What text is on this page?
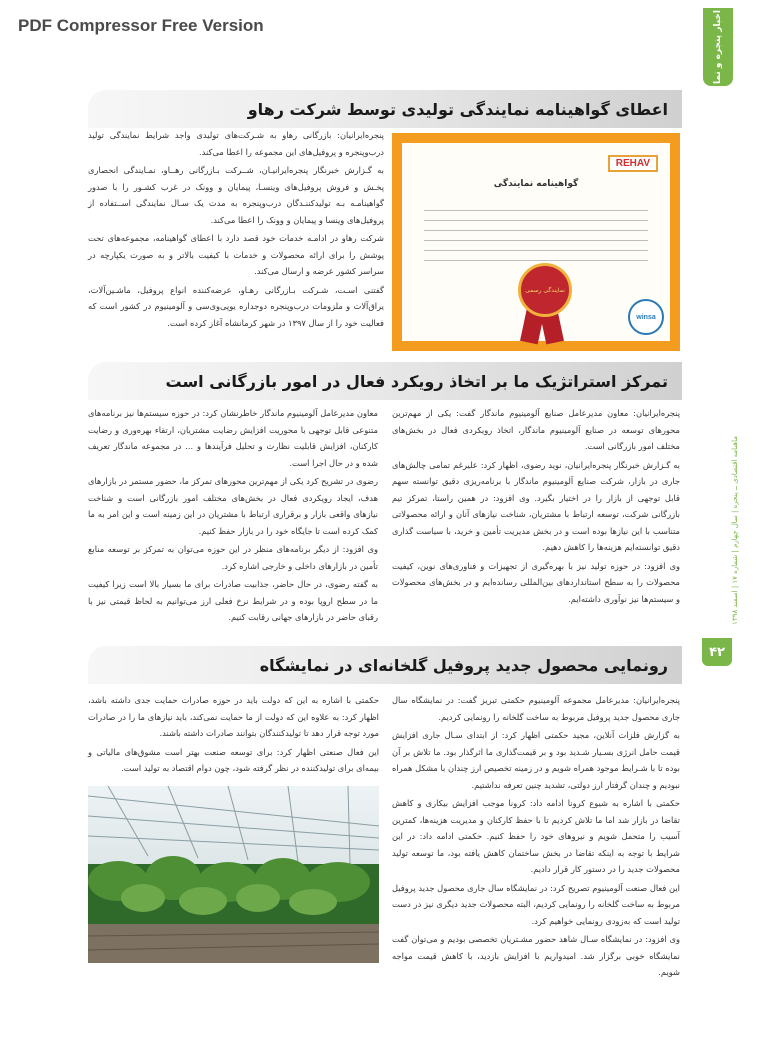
PDF Compressor Free Version	اخبار پنجره و نما
ماهنامه اقتصادی ــ پنجره | سال چهارم | شماره ۱۷ | اسفند ۱۳۹۸
۴۲
اعطای گواهینامه نمایندگی تولیدی توسط شرکت رهاو

پنجره‌ایرانیان: بازرگانی رهاو به شـرکت‌های تولیدی واجد شرایط نمایندگی تولید درب‌وپنجره و پروفیل‌های این مجموعه را اعطا می‌کند.

به گـزارش خبرنگار پنجره‌ایرانیـان، شــرکت بـازرگانی رهــاو، نمـایندگی انحصاری پخـش و فروش پروفیل‌های وینسـا، پیمایان و وونک در غرب کشـور را با صدور گواهینامـه بـه تولیدکننـدگان درب‌وپنجره به مدت یک سـال نمایندگی اســتفاده از پروفیل‌های وینسا و پیمایان و وونک را اعطا می‌کند.

شرکت رهاو در ادامـه خدمات خود قصد دارد با اعطای گواهینامه، مجموعه‌های تحت پوشش را برای ارائه محصولات و خدمات با کیفیت بالاتر و به صورت یکپارچه در سراسر کشور عرضه و ارسال می‌کند.

گفتنی اسـت، شـرکت بـازرگانی رهـاو، عرضه‌کننده انواع پروفیل، ماشـین‌آلات، یراق‌آلات و ملزومات درب‌وپنجره دوجداره یوپی‌وی‌سی و آلومینیوم در کشور است که فعالیت خود را از سال ۱۳۹۷ در شهر کرمانشاه آغاز کرده است.

REHAV
گواهینامه نمایندگی
نمایندگی رسمی
winsa
تمرکز استراتژیک ما بر اتخاذ رویکرد فعال در امور بازرگانی است

پنجره‌ایرانیان: معاون مدیرعامل صنایع آلومینیوم ماندگار گفت: یکی از مهم‌ترین محورهای توسعه در صنایع آلومینیوم ماندگار، اتخاذ رویکردی فعال در بخش‌های مختلف امور بازرگانی است.

به گـزارش خبرنگار پنجره‌ایرانیان، نوید رضوی، اظهار کرد: علیرغم تمامی چالش‌های جاری در بازار، شرکت صنایع آلومینیوم ماندگار با برنامه‌ریزی دقیق توانسته سهم قابل توجهی از بازار را در اختیار بگیرد. وی افزود: در همین راستا، تمرکز تیم بازرگانی شرکت، توسعه ارتباط با مشتریان، شناخت نیازهای آنان و ارائه محصولاتی متناسب با این نیازها بوده است و در بخش مدیریت تأمین و خرید، با سیاست گذاری دقیق توانسته‌ایم هزینه‌ها را کاهش دهیم.

وی افزود: در حوزه تولید نیز با بهره‌گیری از تجهیزات و فناوری‌های نوین، کیفیت محصولات را به سطح استانداردهای بین‌المللی رسانده‌ایم و در بخش‌های محصولات و سیستم‌ها نیز نوآوری داشته‌ایم.

معاون مدیرعامل آلومینیوم ماندگار خاطرنشان کرد: در حوزه سیستم‌ها نیز برنامه‌های متنوعی قابل توجهی با محوریت افزایش رضایت مشتریان، ارتقاء بهره‌وری و رضایت کارکنان، افزایش قابلیت نظارت و تحلیل فرآیندها و ... در مجموعه ماندگار تعریف شده و در حال اجرا است.

رضوی در تشریح کرد یکی از مهم‌ترین محورهای تمرکز ما، حضور مستمر در بازارهای هدف، ایجاد رویکردی فعال در بخش‌های مختلف امور بازرگانی است و شناخت نیازهای واقعی بازار و برقراری ارتباط با مشتریان در این زمینه است و این امر به ما کمک کرده است تا جایگاه خود را در بازار حفظ کنیم.

وی افزود: از دیگر برنامه‌های منظر در این حوزه می‌توان به تمرکز بر توسعه منابع تأمین در بازارهای داخلی و خارجی اشاره کرد.

به گفته رضوی، در حال حاضر، جذابیت صادرات برای ما بسیار بالا است زیرا کیفیت ما در سطح اروپا بوده و در شرایط نرخ فعلی ارز می‌توانیم به لحاظ قیمتی نیز با رقبای حاضر در بازارهای جهانی رقابت کنیم.

رونمایی محصول جدید پروفیل گلخانه‌ای در نمایشگاه

پنجره‌ایرانیان: مدیرعامل مجموعه آلومینیوم حکمتی تبریز گفت: در نمایشگاه سال جاری محصول جدید پروفیل مربوط به ساخت گلخانه را رونمایی کردیم.

به گزارش فلزات آنلاین، مجید حکمتی اظهار کرد: از ابتدای سـال جاری افزایش قیمت حامل انرژی بسـیار شـدید بود و بر قیمت‌گذاری ما اثرگذار بود. ما تلاش بر آن بوده تا با شـرایط موجود همراه شویم و در زمینه تخصیص ارز چندان با مشکل همراه نبودیم و چندان گرفتار ارز دولتی، تشدید چنین تعرفه نداشتیم.

حکمتی با اشاره به شیوع کرونا ادامه داد: کرونا موجب افزایش بیکاری و کاهش تقاضا در بازار شد اما ما تلاش کردیم تا با حفظ کارکنان و مدیریت هزینه‌ها، کمترین آسیب را متحمل شویم و نیروهای خود را حفظ کنیم. حکمتی ادامه داد: در این شرایط با توجه به اینکه تقاضا در بخش ساختمان کاهش یافته بود، ما توسعه تولید محصولات جدید را در دستور کار قرار دادیم.

این فعال صنعت آلومینیوم تصریح کرد: در نمایشگاه سال جاری محصول جدید پروفیل مربوط به ساخت گلخانه را رونمایی کردیم، البته محصولات جدید دیگری نیز در دست تولید است که به‌زودی رونمایی خواهیم کرد.

وی افزود: در نمایشگاه سـال شاهد حضور مشـتریان تخصصی بودیم و می‌توان گفت نمایشگاه خوبی برگزار شد. امیدواریم با افزایش بازدید، با کاهش قیمت مواجه شویم.

حکمتی با اشاره به این که دولت باید در حوزه صادرات حمایت جدی داشته باشد، اظهار کرد: به علاوه این که دولت از ما حمایت نمی‌کند، باید نیازهای ما را در صادرات مورد توجه قرار دهد تا تولیدکنندگان بتوانند صادرات داشته باشند.

این فعال صنعتی اظهار کرد: برای توسعه صنعت بهتر است مشوق‌های مالیاتی و بیمه‌ای برای تولیدکننده در نظر گرفته شود، چون دوام اقتصاد به تولید است.
